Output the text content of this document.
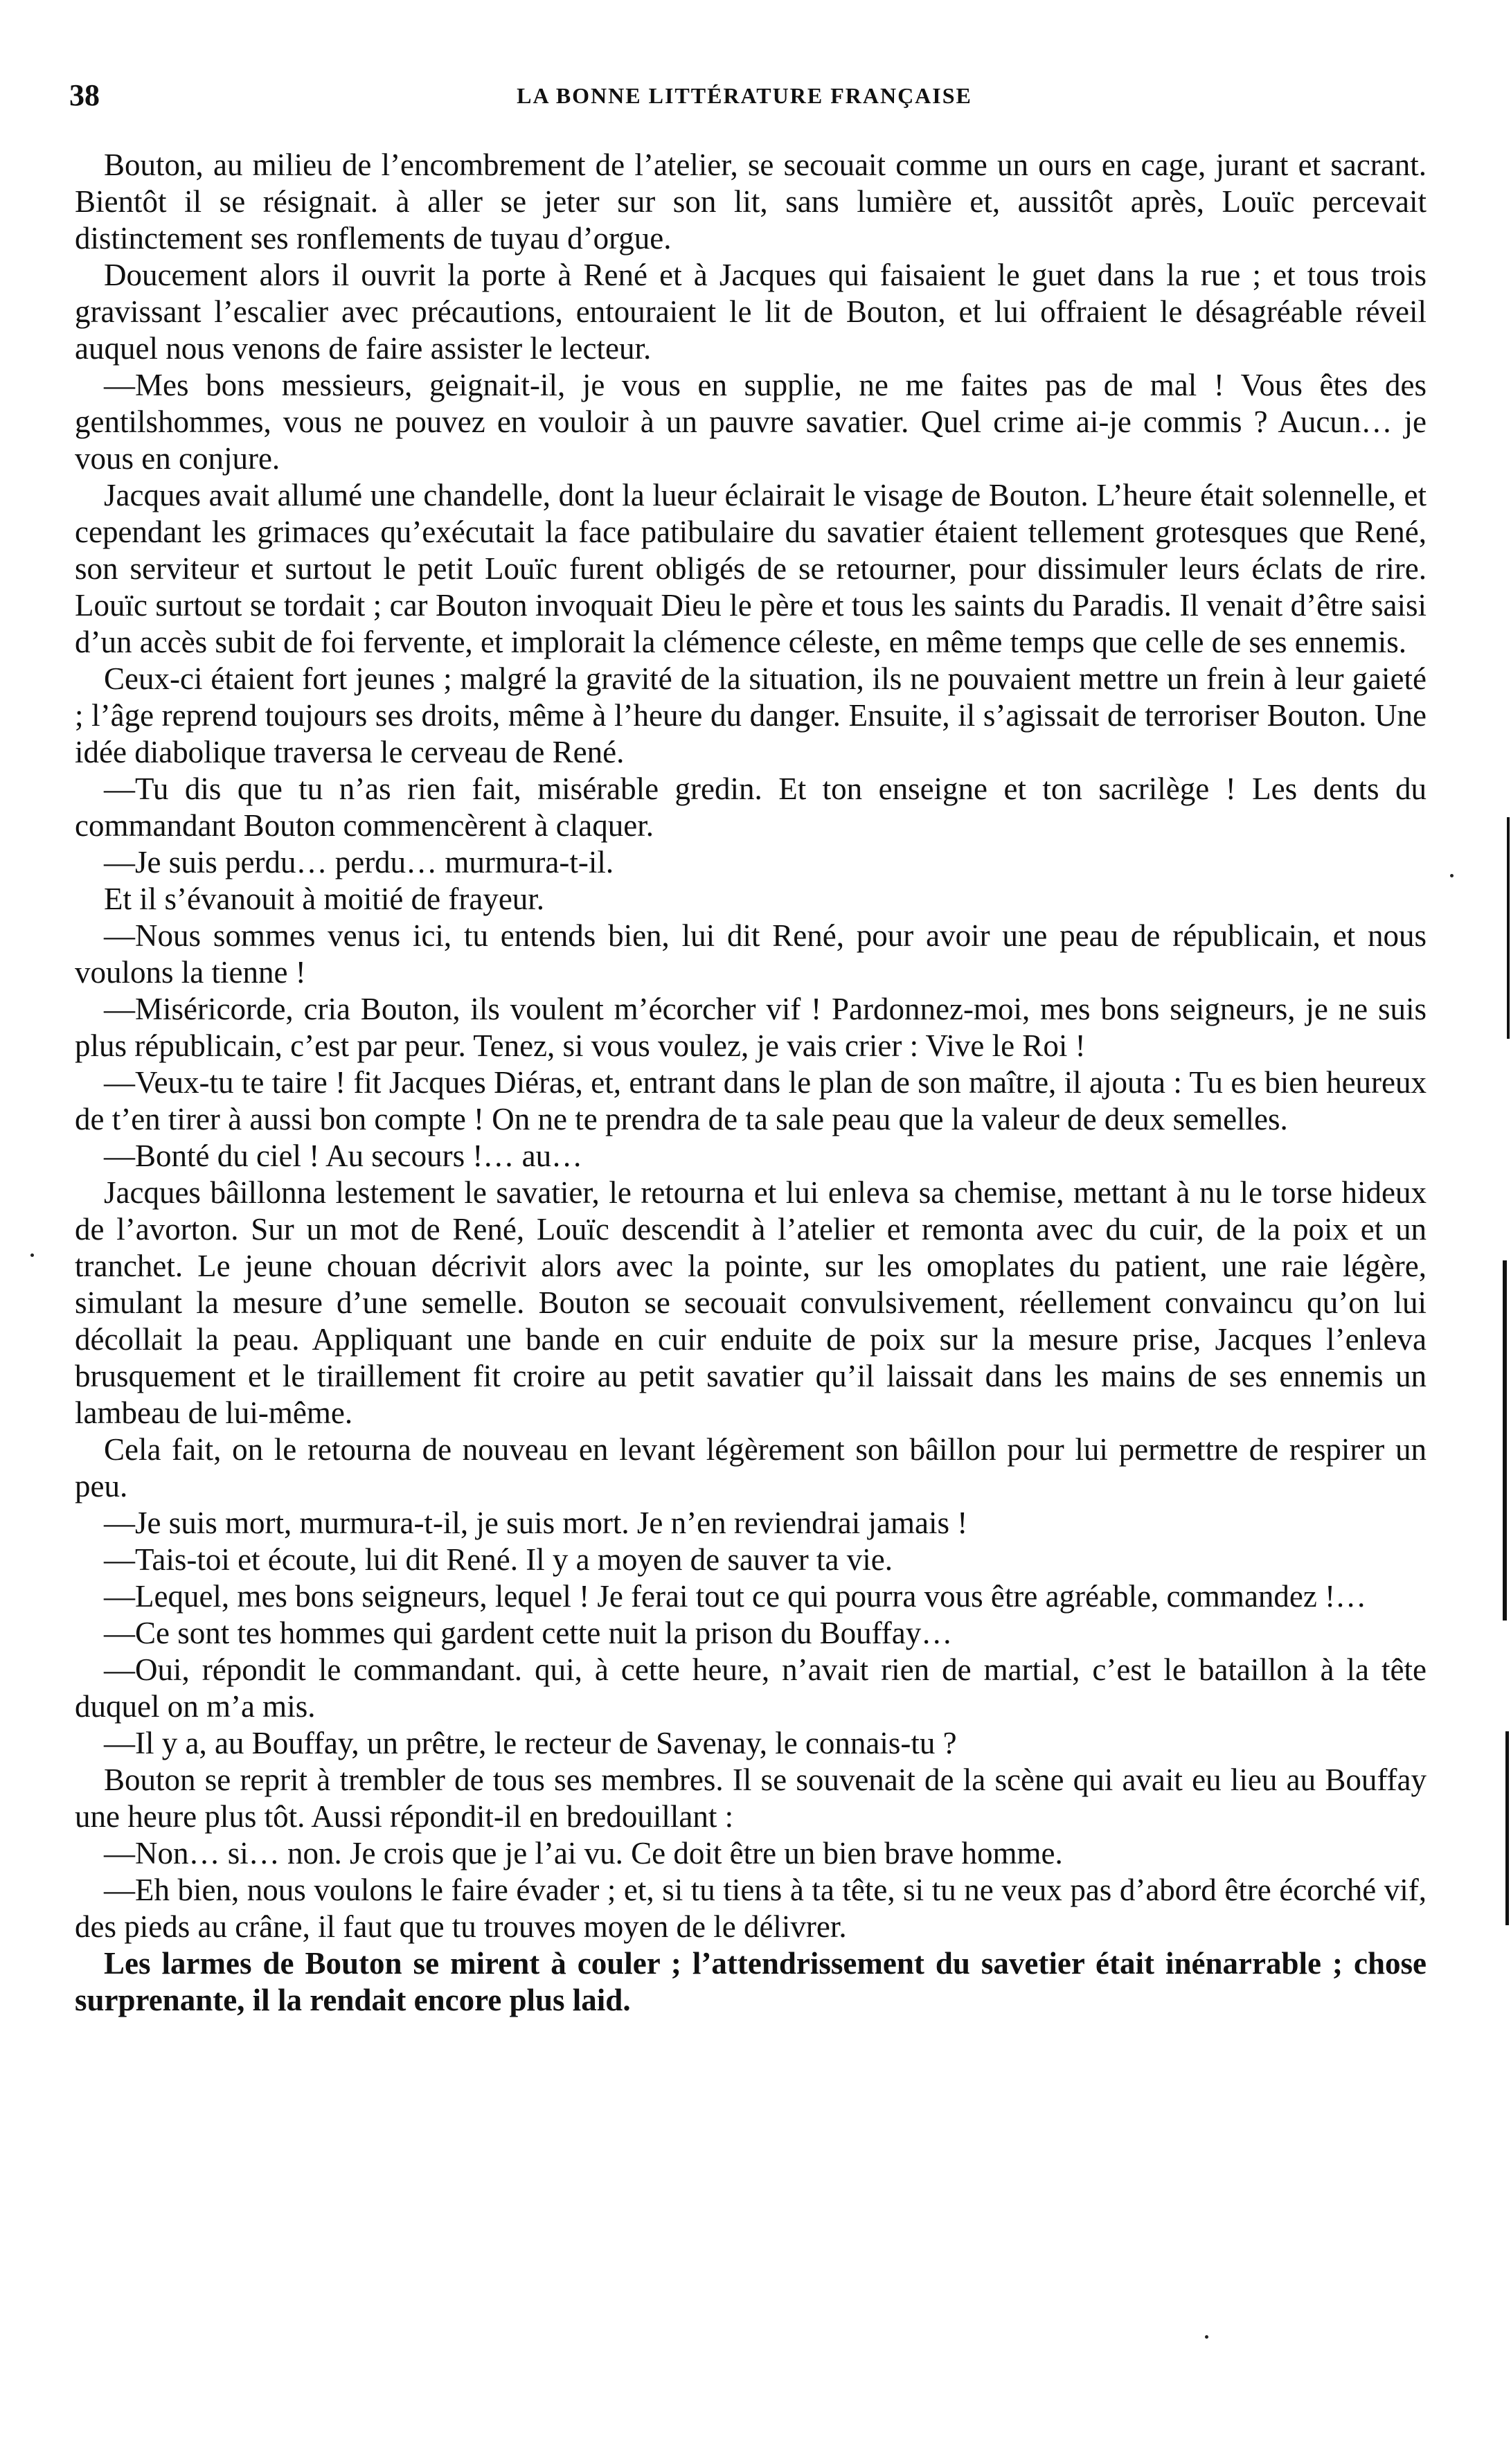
38	LA BONNE LITTÉRATURE FRANÇAISE

Bouton, au milieu de l’encombrement de l’atelier, se secouait comme un ours en cage, jurant et sacrant. Bientôt il se résignait. à aller se jeter sur son lit, sans lumière et, aussitôt après, Louïc percevait distinctement ses ronflements de tuyau d’orgue.

Doucement alors il ouvrit la porte à René et à Jacques qui faisaient le guet dans la rue ; et tous trois gravissant l’escalier avec précautions, entouraient le lit de Bouton, et lui offraient le désagréable réveil auquel nous venons de faire assister le lecteur.

—Mes bons messieurs, geignait-il, je vous en supplie, ne me faites pas de mal ! Vous êtes des gentilshommes, vous ne pouvez en vouloir à un pauvre savatier. Quel crime ai-je commis ? Aucun… je vous en conjure.

Jacques avait allumé une chandelle, dont la lueur éclairait le visage de Bouton. L’heure était solennelle, et cependant les grimaces qu’exécutait la face patibulaire du savatier étaient tellement grotesques que René, son serviteur et surtout le petit Louïc furent obligés de se retourner, pour dissimuler leurs éclats de rire. Louïc surtout se tordait ; car Bouton invoquait Dieu le père et tous les saints du Paradis. Il venait d’être saisi d’un accès subit de foi fervente, et implorait la clémence céleste, en même temps que celle de ses ennemis.

Ceux-ci étaient fort jeunes ; malgré la gravité de la situation, ils ne pouvaient mettre un frein à leur gaieté ; l’âge reprend toujours ses droits, même à l’heure du danger. Ensuite, il s’agissait de terroriser Bouton. Une idée diabolique traversa le cerveau de René.

—Tu dis que tu n’as rien fait, misérable gredin. Et ton enseigne et ton sacrilège ! Les dents du commandant Bouton commencèrent à claquer.

—Je suis perdu… perdu… murmura-t-il.

Et il s’évanouit à moitié de frayeur.

—Nous sommes venus ici, tu entends bien, lui dit René, pour avoir une peau de républicain, et nous voulons la tienne !

—Miséricorde, cria Bouton, ils voulent m’écorcher vif ! Pardonnez-moi, mes bons seigneurs, je ne suis plus républicain, c’est par peur. Tenez, si vous voulez, je vais crier : Vive le Roi !

—Veux-tu te taire ! fit Jacques Diéras, et, entrant dans le plan de son maître, il ajouta : Tu es bien heureux de t’en tirer à aussi bon compte ! On ne te prendra de ta sale peau que la valeur de deux semelles.

—Bonté du ciel ! Au secours !… au…

Jacques bâillonna lestement le savatier, le retourna et lui enleva sa chemise, mettant à nu le torse hideux de l’avorton. Sur un mot de René, Louïc descendit à l’atelier et remonta avec du cuir, de la poix et un tranchet. Le jeune chouan décrivit alors avec la pointe, sur les omoplates du patient, une raie légère, simulant la mesure d’une semelle. Bouton se secouait convulsivement, réellement convaincu qu’on lui décollait la peau. Appliquant une bande en cuir enduite de poix sur la mesure prise, Jacques l’enleva brusquement et le tiraillement fit croire au petit savatier qu’il laissait dans les mains de ses ennemis un lambeau de lui-même.

Cela fait, on le retourna de nouveau en levant légèrement son bâillon pour lui permettre de respirer un peu.

—Je suis mort, murmura-t-il, je suis mort. Je n’en reviendrai jamais !

—Tais-toi et écoute, lui dit René. Il y a moyen de sauver ta vie.

—Lequel, mes bons seigneurs, lequel ! Je ferai tout ce qui pourra vous être agréable, commandez !…

—Ce sont tes hommes qui gardent cette nuit la prison du Bouffay…

—Oui, répondit le commandant. qui, à cette heure, n’avait rien de martial, c’est le bataillon à la tête duquel on m’a mis.

—Il y a, au Bouffay, un prêtre, le recteur de Savenay, le connais-tu ?

Bouton se reprit à trembler de tous ses membres. Il se souvenait de la scène qui avait eu lieu au Bouffay une heure plus tôt. Aussi répondit-il en bredouillant :

—Non… si… non. Je crois que je l’ai vu. Ce doit être un bien brave homme.

—Eh bien, nous voulons le faire évader ; et, si tu tiens à ta tête, si tu ne veux pas d’abord être écorché vif, des pieds au crâne, il faut que tu trouves moyen de le délivrer.

Les larmes de Bouton se mirent à couler ; l’attendrissement du savetier était inénarrable ; chose surprenante, il la rendait encore plus laid.
